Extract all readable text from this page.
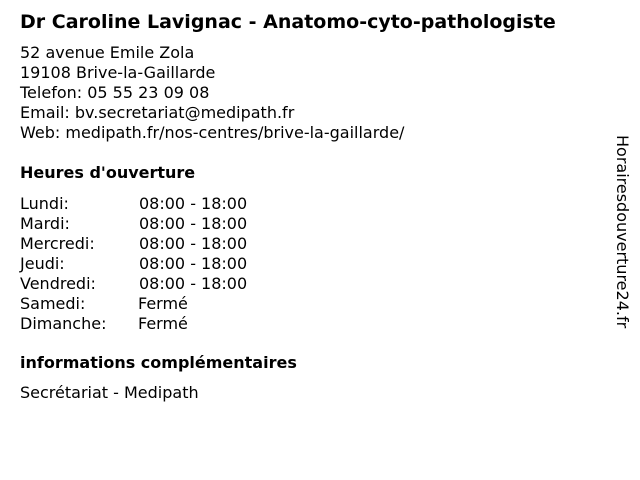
Dr Caroline Lavignac - Anatomo-cyto-pathologiste
52 avenue Emile Zola
19108 Brive-la-Gaillarde
Telefon: 05 55 23 09 08
Email: bv.secretariat@medipath.fr
Web: medipath.fr/nos-centres/brive-la-gaillarde/
Heures d'ouverture
Lundi:	08:00 - 18:00
Mardi:	08:00 - 18:00
Mercredi:	08:00 - 18:00
Jeudi:	08:00 - 18:00
Vendredi:	08:00 - 18:00
Samedi:	Fermé
Dimanche: Fermé
informations complémentaires
Secrétariat - Medipath
Horairesdouverture24.fr
